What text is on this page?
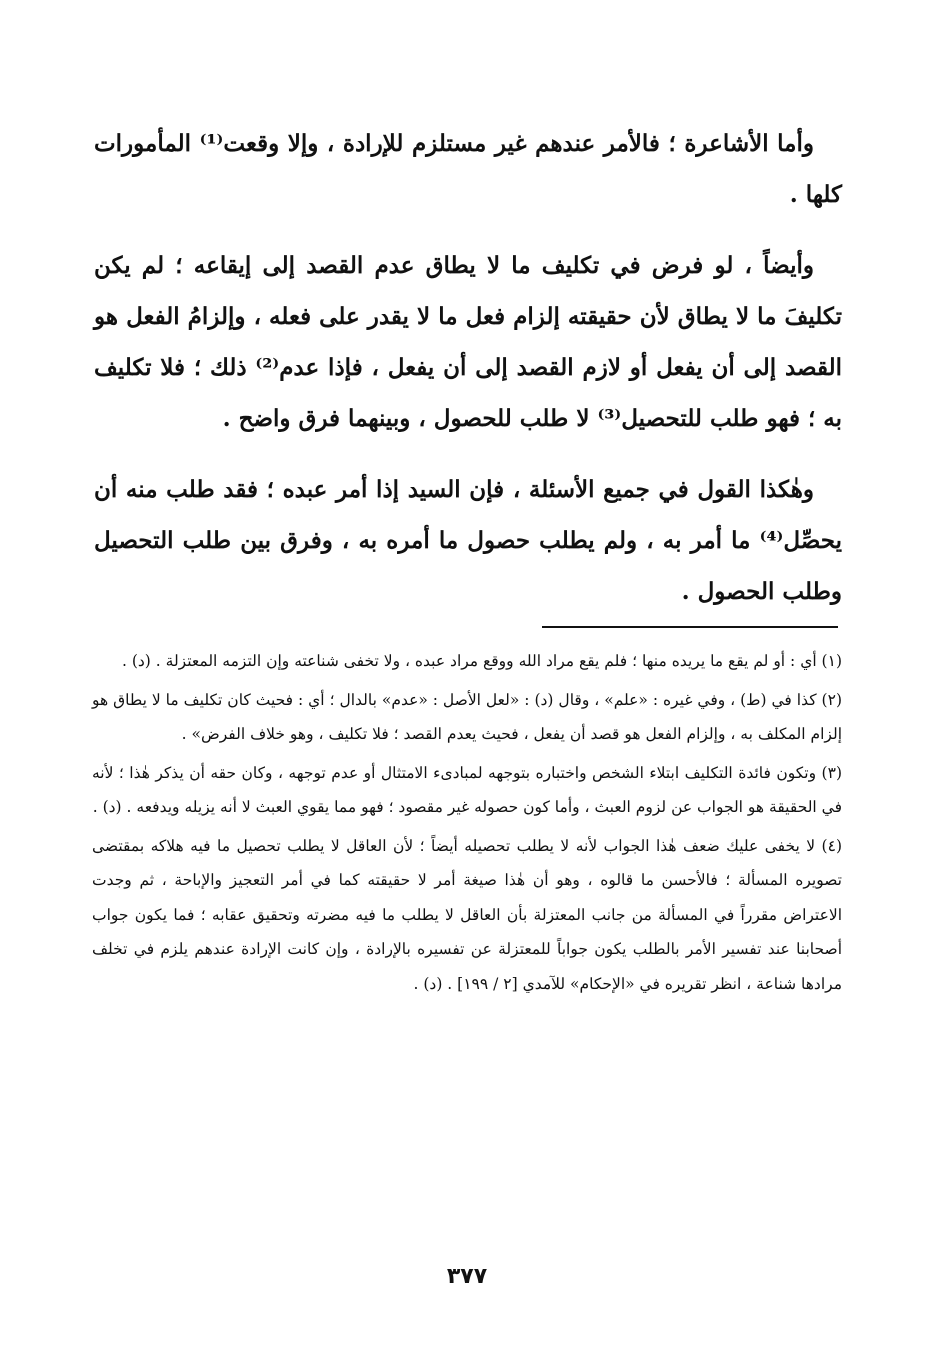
وأما الأشاعرة ؛ فالأمر عندهم غير مستلزم للإرادة ، وإلا وقعت⁽¹⁾ المأمورات كلها .

وأيضاً ، لو فرض في تكليف ما لا يطاق عدم القصد إلى إيقاعه ؛ لم يكن تكليفَ ما لا يطاق لأن حقيقته إلزام فعل ما لا يقدر على فعله ، وإلزامُ الفعل هو القصد إلى أن يفعل أو لازم القصد إلى أن يفعل ، فإذا عدم⁽²⁾ ذلك ؛ فلا تكليف به ؛ فهو طلب للتحصيل⁽³⁾ لا طلب للحصول ، وبينهما فرق واضح .

وهٰكذا القول في جميع الأسئلة ، فإن السيد إذا أمر عبده ؛ فقد طلب منه أن يحصِّل⁽⁴⁾ ما أمر به ، ولم يطلب حصول ما أمره به ، وفرق بين طلب التحصيل وطلب الحصول .

(١) أي : أو لم يقع ما يريده منها ؛ فلم يقع مراد الله ووقع مراد عبده ، ولا تخفى شناعته وإن التزمه المعتزلة . (د) .

(٢) كذا في (ط) ، وفي غيره : «علم» ، وقال (د) : «لعل الأصل : «عدم» بالدال ؛ أي : فحيث كان تكليف ما لا يطاق هو إلزام المكلف به ، وإلزام الفعل هو قصد أن يفعل ، فحيث يعدم القصد ؛ فلا تكليف ، وهو خلاف الفرض» .

(٣) وتكون فائدة التكليف ابتلاء الشخص واختباره بتوجهه لمبادىء الامتثال أو عدم توجهه ، وكان حقه أن يذكر هٰذا ؛ لأنه في الحقيقة هو الجواب عن لزوم العبث ، وأما كون حصوله غير مقصود ؛ فهو مما يقوي العبث لا أنه يزيله ويدفعه . (د) .

(٤) لا يخفى عليك ضعف هٰذا الجواب لأنه لا يطلب تحصيله أيضاً ؛ لأن العاقل لا يطلب تحصيل ما فيه هلاكه بمقتضى تصويره المسألة ؛ فالأحسن ما قالوه ، وهو أن هٰذا صيغة أمر لا حقيقته كما في أمر التعجيز والإباحة ، ثم وجدت الاعتراض مقرراً في المسألة من جانب المعتزلة بأن العاقل لا يطلب ما فيه مضرته وتحقيق عقابه ؛ فما يكون جواب أصحابنا عند تفسير الأمر بالطلب يكون جواباً للمعتزلة عن تفسيره بالإرادة ، وإن كانت الإرادة عندهم يلزم في تخلف مرادها شناعة ، انظر تقريره في «الإحكام» للآمدي [٢ / ١٩٩] . (د) .

٣٧٧
